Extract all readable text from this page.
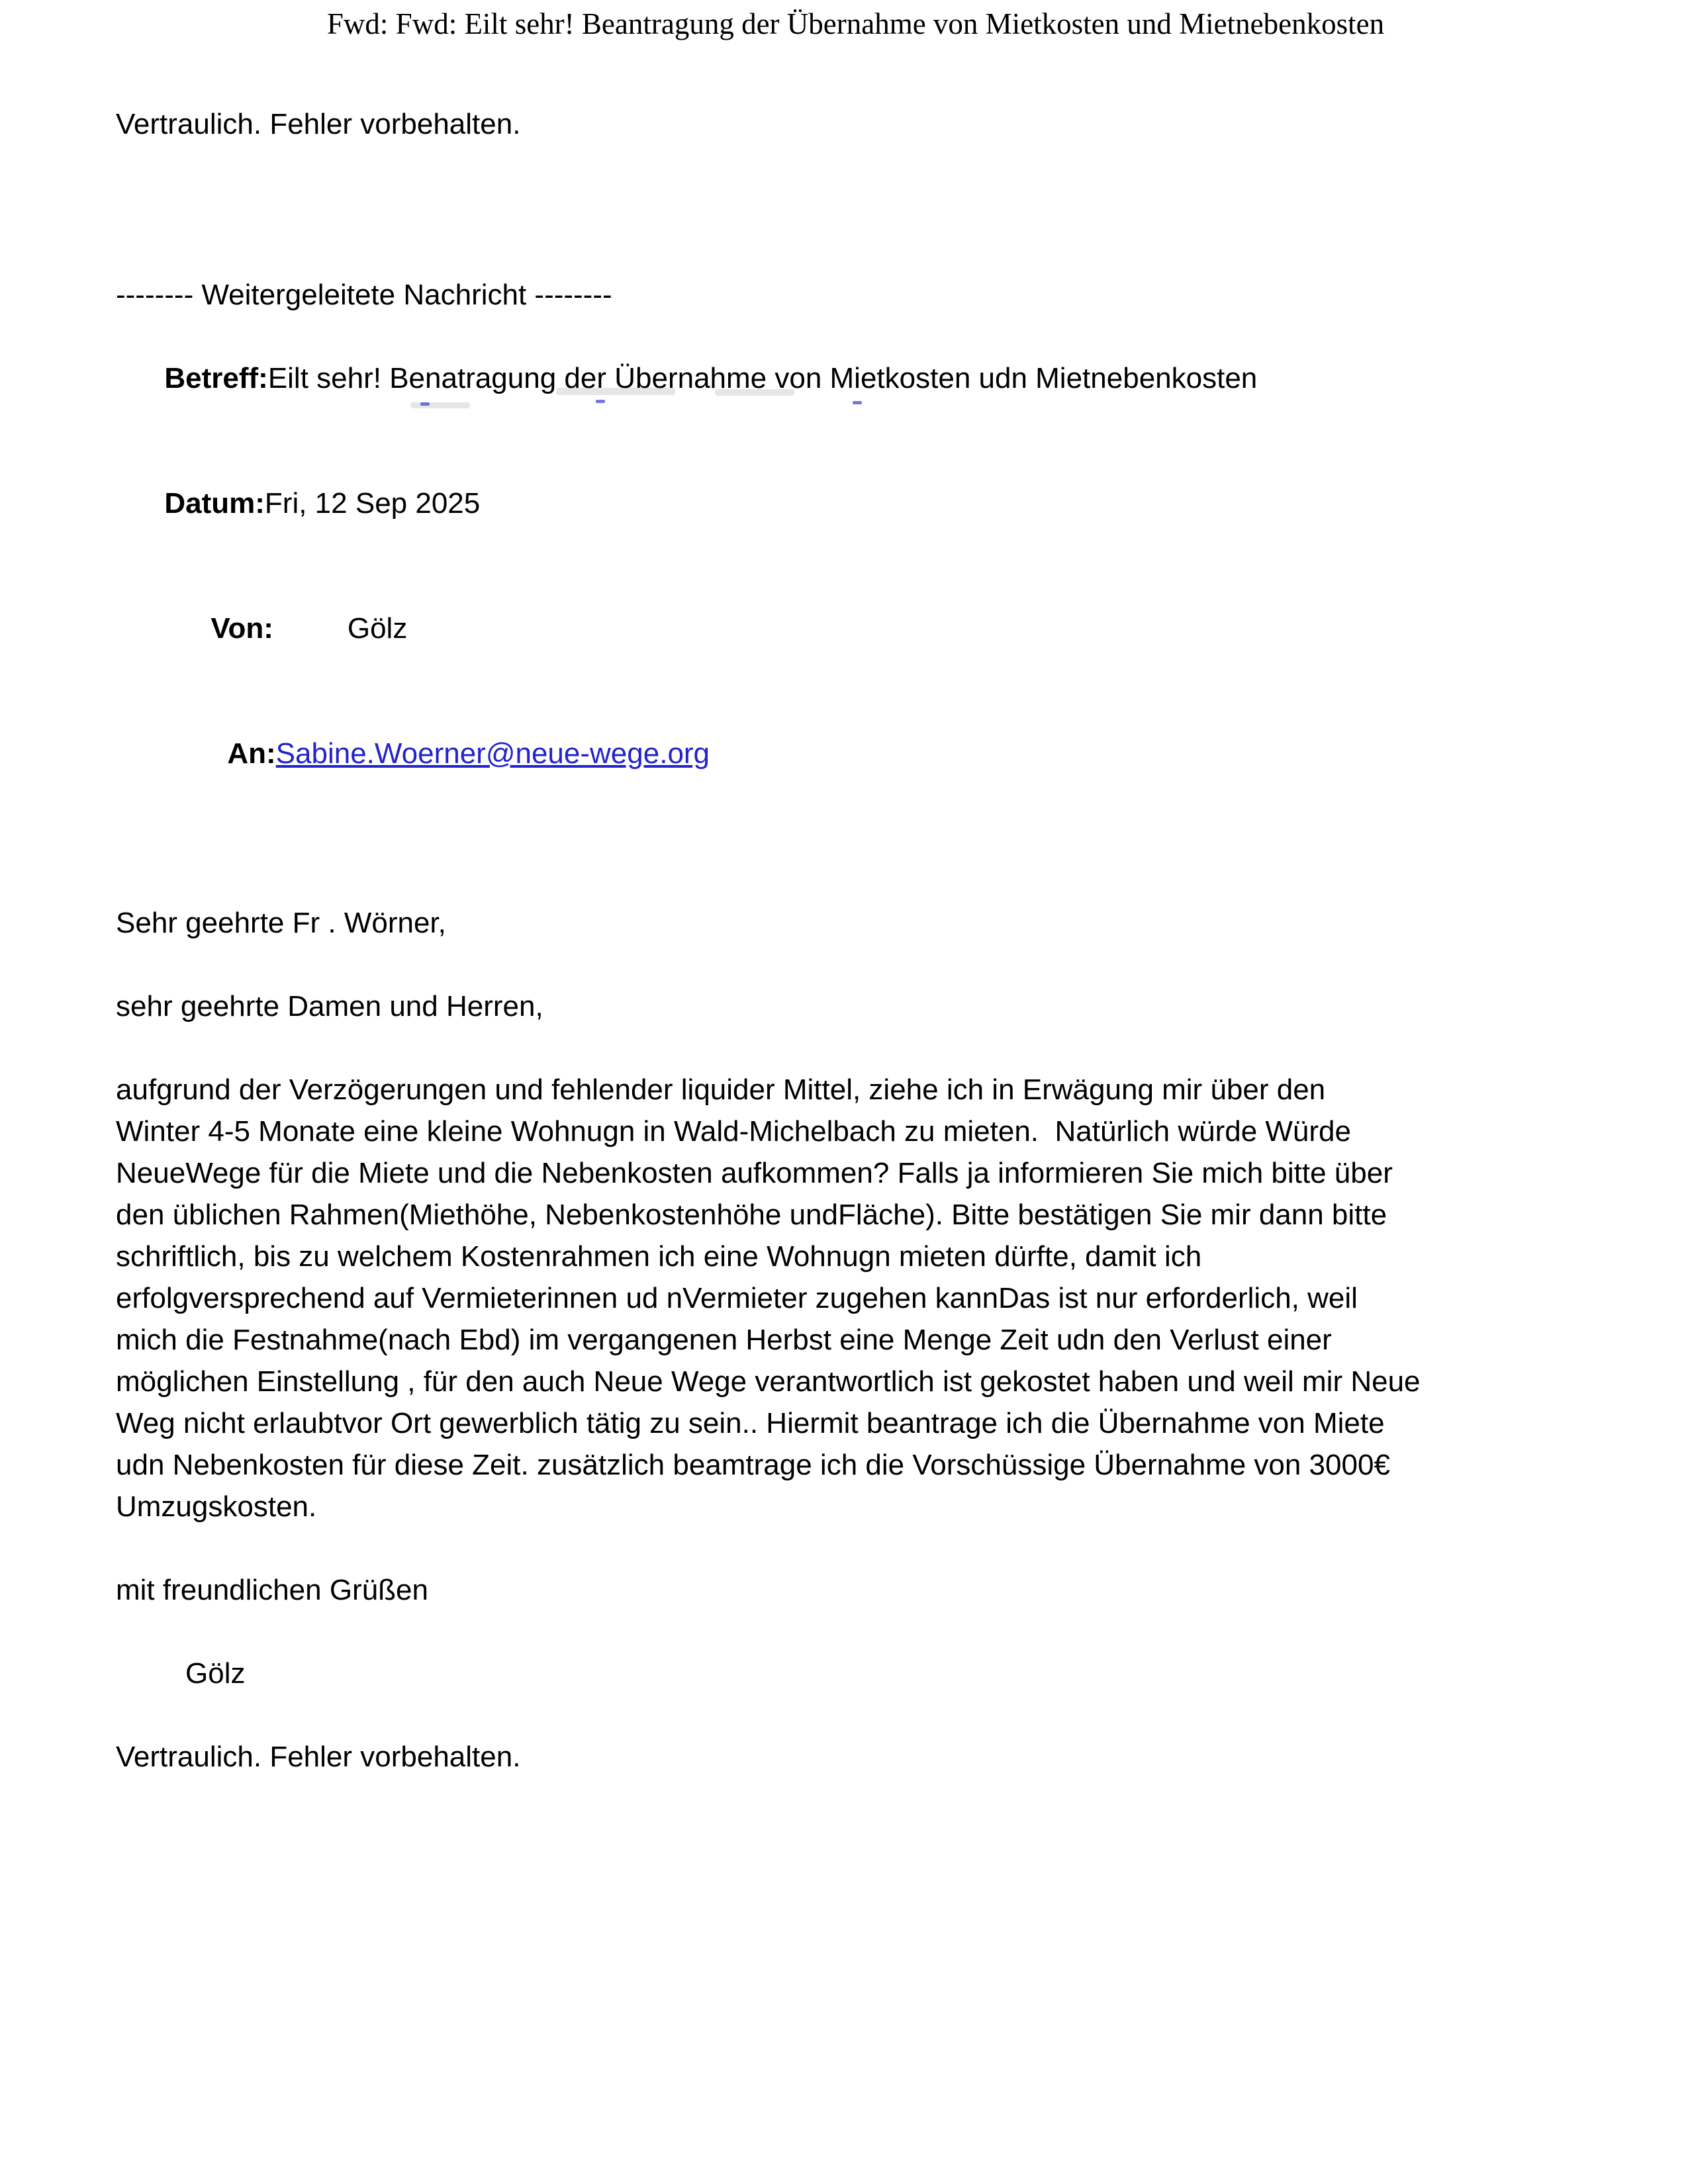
Fwd: Fwd: Eilt sehr! Beantragung der Übernahme von Mietkosten und Mietnebenkosten
Vertraulich. Fehler vorbehalten.
-------- Weitergeleitete Nachricht --------

Betreff:Eilt sehr! Benatragung der Übernahme von Mietkosten udn Mietnebenkosten

Datum:Fri, 12 Sep 2025

Von:	Gölz

An:Sabine.Woerner@neue-wege.org

Sehr geehrte Fr . Wörner,
sehr geehrte Damen und Herren,
aufgrund der Verzögerungen und fehlender liquider Mittel, ziehe ich in Erwägung mir über den
Winter 4-5 Monate eine kleine Wohnugn in Wald-Michelbach zu mieten.  Natürlich würde Würde
NeueWege für die Miete und die Nebenkosten aufkommen? Falls ja informieren Sie mich bitte über
den üblichen Rahmen(Miethöhe, Nebenkostenhöhe undFläche). Bitte bestätigen Sie mir dann bitte
schriftlich, bis zu welchem Kostenrahmen ich eine Wohnugn mieten dürfte, damit ich
erfolgversprechend auf Vermieterinnen ud nVermieter zugehen kannDas ist nur erforderlich, weil
mich die Festnahme(nach Ebd) im vergangenen Herbst eine Menge Zeit udn den Verlust einer
möglichen Einstellung , für den auch Neue Wege verantwortlich ist gekostet haben und weil mir Neue
Weg nicht erlaubtvor Ort gewerblich tätig zu sein.. Hiermit beantrage ich die Übernahme von Miete
udn Nebenkosten für diese Zeit. zusätzlich beamtrage ich die Vorschüssige Übernahme von 3000€
Umzugskosten.
mit freundlichen Grüßen
Gölz
Vertraulich. Fehler vorbehalten.
